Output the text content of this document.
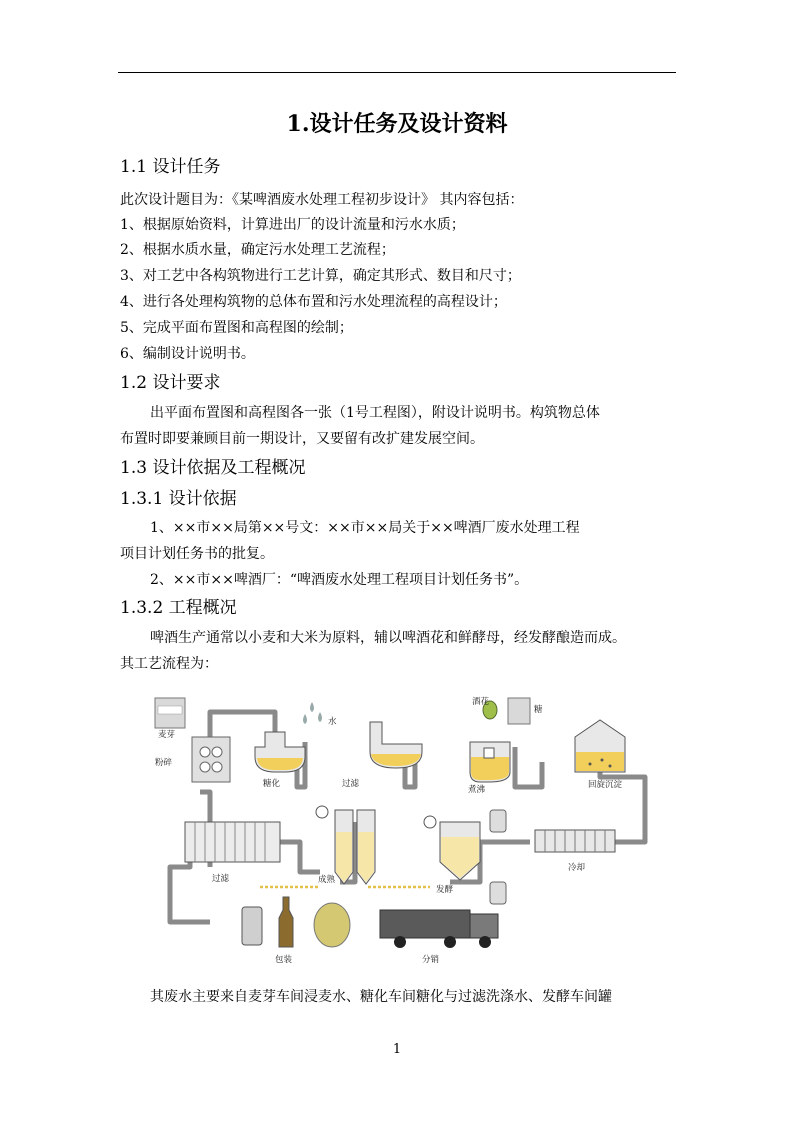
1.设计任务及设计资料
1.1 设计任务
此次设计题目为：《某啤酒废水处理工程初步设计》 其内容包括：
1、根据原始资料，计算进出厂的设计流量和污水水质；
2、根据水质水量，确定污水处理工艺流程；
3、对工艺中各构筑物进行工艺计算，确定其形式、数目和尺寸；
4、进行各处理构筑物的总体布置和污水处理流程的高程设计；
5、完成平面布置图和高程图的绘制；
6、编制设计说明书。
1.2 设计要求
出平面布置图和高程图各一张（1号工程图），附设计说明书。构筑物总体
布置时即要兼顾目前一期设计，又要留有改扩建发展空间。
1.3 设计依据及工程概况
1.3.1 设计依据
1、××市××局第××号文：××市××局关于××啤酒厂废水处理工程
项目计划任务书的批复。
2、××市××啤酒厂：“啤酒废水处理工程项目计划任务书”。
1.3.2 工程概况
啤酒生产通常以小麦和大米为原料，辅以啤酒花和鲜酵母，经发酵酿造而成。
其工艺流程为：
麦芽
粉碎
水
糖化	过滤
酒花
糖
煮沸	回旋沉淀
冷却
发酵
成熟
过滤
包装	分销
其废水主要来自麦芽车间浸麦水、糖化车间糖化与过滤洗涤水、发酵车间罐
1
